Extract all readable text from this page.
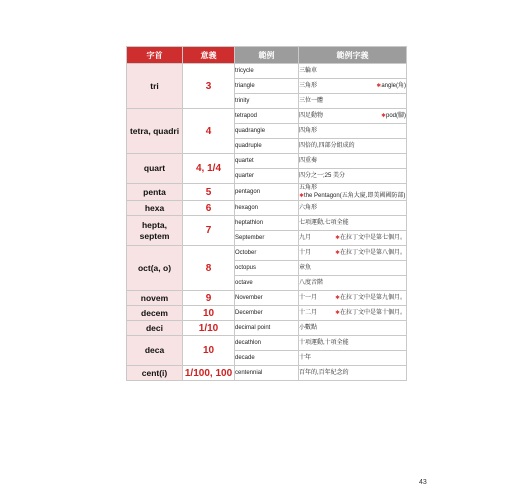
字首	意義	範例	範例字義
tri	3	tricycle	三輪車
		triangle	三角形 ∗angle(角)

		trinity	三位一體
tetra, quadri	4	tetrapod	四足動物 ∗pod(腳)

		quadrangle	四角形
		quadruple	四倍的,四部分組成的
quart	4, 1/4	quartet	四重奏
		quarter	四分之一;25 美分
penta	5	pentagon	五角形
∗the Pentagon(五角大廈,即美國國防部)

hexa	6	hexagon	六角形
hepta, septem	7	heptathlon	七項運動,七項全能
		September	九月 ∗在拉丁文中是第七個月。

oct(a, o)	8	October	十月 ∗在拉丁文中是第八個月。

		octopus	章魚
		octave	八度音階
novem	9	November	十一月 ∗在拉丁文中是第九個月。

decem	10	December	十二月 ∗在拉丁文中是第十個月。

deci	1/10	decimal point	小數點
deca	10	decathlon	十項運動,十項全能
		decade	十年
cent(i)	1/100, 100	centennial	百年的,百年紀念的
43
